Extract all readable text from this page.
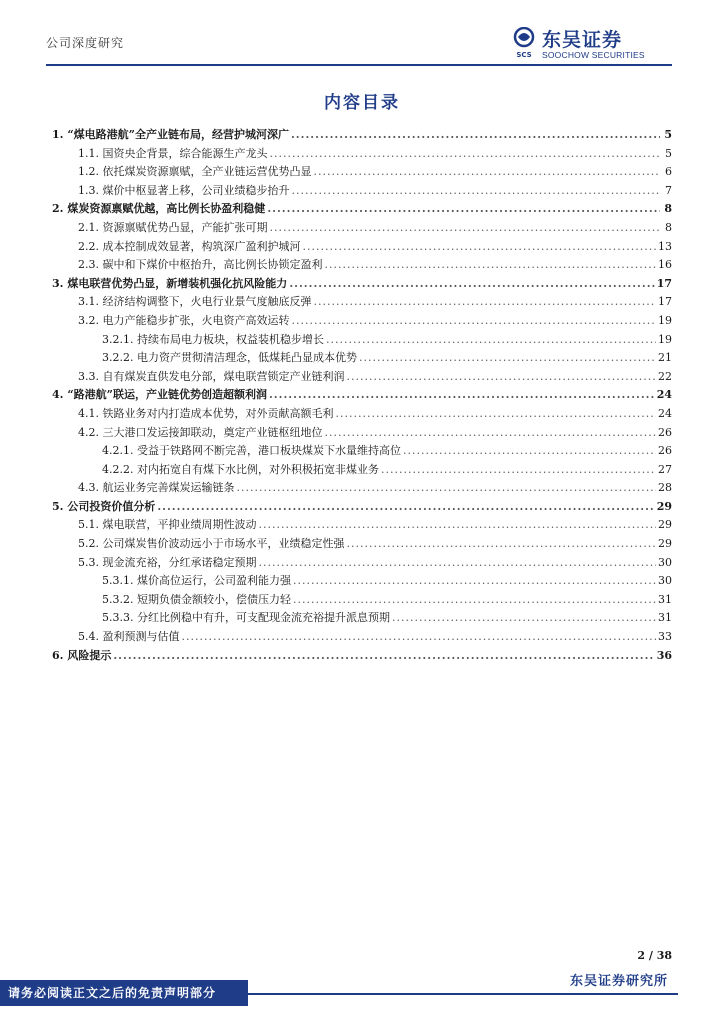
公司深度研究
SCS
东吴证券
SOOCHOW SECURITIES
内容目录
1. “煤电路港航”全产业链布局，经营护城河深广 .....	5
1.1. 国资央企背景，综合能源生产龙头 .....	5
1.2. 依托煤炭资源禀赋，全产业链运营优势凸显 .....	6
1.3. 煤价中枢显著上移，公司业绩稳步抬升 .....	7
2. 煤炭资源禀赋优越，高比例长协盈利稳健 .....	8
2.1. 资源禀赋优势凸显，产能扩张可期 .....	8
2.2. 成本控制成效显著，构筑深广盈利护城河 .....	13
2.3. 碳中和下煤价中枢抬升，高比例长协锁定盈利 .....	16
3. 煤电联营优势凸显，新增装机强化抗风险能力 .....	17
3.1. 经济结构调整下，火电行业景气度触底反弹 .....	17
3.2. 电力产能稳步扩张，火电资产高效运转 .....	19
3.2.1. 持续布局电力板块，权益装机稳步增长 .....	19
3.2.2. 电力资产贯彻清洁理念，低煤耗凸显成本优势 .....	21
3.3. 自有煤炭直供发电分部，煤电联营锁定产业链利润 .....	22
4. “路港航”联运，产业链优势创造超额利润 .....	24
4.1. 铁路业务对内打造成本优势，对外贡献高额毛利 .....	24
4.2. 三大港口发运接卸联动，奠定产业链枢纽地位 .....	26
4.2.1. 受益于铁路网不断完善，港口板块煤炭下水量维持高位 .....	26
4.2.2. 对内拓宽自有煤下水比例，对外积极拓宽非煤业务 .....	27
4.3. 航运业务完善煤炭运输链条 .....	28
5. 公司投资价值分析 .....	29
5.1. 煤电联营，平抑业绩周期性波动 .....	29
5.2. 公司煤炭售价波动远小于市场水平，业绩稳定性强 .....	29
5.3. 现金流充裕，分红承诺稳定预期 .....	30
5.3.1. 煤价高位运行，公司盈利能力强 .....	30
5.3.2. 短期负债金额较小，偿债压力轻 .....	31
5.3.3. 分红比例稳中有升，可支配现金流充裕提升派息预期 .....	31
5.4. 盈利预测与估值 .....	33
6. 风险提示 .....	36
2 / 38
东吴证券研究所
请务必阅读正文之后的免责声明部分
